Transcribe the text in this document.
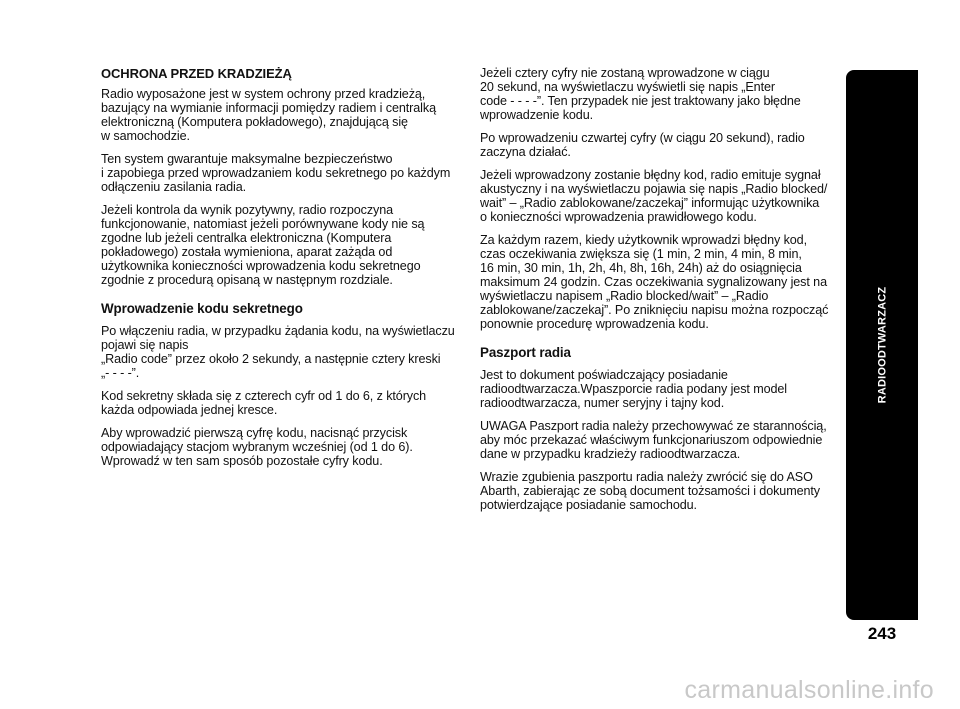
OCHRONA PRZED KRADZIEŻĄ

Radio wyposażone jest w system ochrony przed kradzieżą,
bazujący na wymianie informacji pomiędzy radiem i centralką
elektroniczną (Komputera pokładowego), znajdującą się
w samochodzie.

Ten system gwarantuje maksymalne bezpieczeństwo
i zapobiega przed wprowadzaniem kodu sekretnego po każdym
odłączeniu zasilania radia.

Jeżeli kontrola da wynik pozytywny, radio rozpoczyna
funkcjonowanie, natomiast jeżeli porównywane kody nie są
zgodne lub jeżeli centralka elektroniczna (Komputera
pokładowego) została wymieniona, aparat zażąda od
użytkownika konieczności wprowadzenia kodu sekretnego
zgodnie z procedurą opisaną w następnym rozdziale.

Wprowadzenie kodu sekretnego

Po włączeniu radia, w przypadku żądania kodu, na wyświetlaczu
pojawi się napis
„Radio code” przez około 2 sekundy, a następnie cztery kreski
„- - - -”.

Kod sekretny składa się z czterech cyfr od 1 do 6, z których
każda odpowiada jednej kresce.

Aby wprowadzić pierwszą cyfrę kodu, nacisnąć przycisk
odpowiadający stacjom wybranym wcześniej (od 1 do 6).
Wprowadź w ten sam sposób pozostałe cyfry kodu.

Jeżeli cztery cyfry nie zostaną wprowadzone w ciągu
20 sekund, na wyświetlaczu wyświetli się napis „Enter
code - - - -”. Ten przypadek nie jest traktowany jako błędne
wprowadzenie kodu.

Po wprowadzeniu czwartej cyfry (w ciągu 20 sekund), radio
zaczyna działać.

Jeżeli wprowadzony zostanie błędny kod, radio emituje sygnał
akustyczny i na wyświetlaczu pojawia się napis „Radio blocked/
wait” – „Radio zablokowane/zaczekaj” informując użytkownika
o konieczności wprowadzenia prawidłowego kodu.

Za każdym razem, kiedy użytkownik wprowadzi błędny kod,
czas oczekiwania zwiększa się (1 min, 2 min, 4 min, 8 min,
16 min, 30 min, 1h, 2h, 4h, 8h, 16h, 24h) aż do osiągnięcia
maksimum 24 godzin. Czas oczekiwania sygnalizowany jest na
wyświetlaczu napisem „Radio blocked/wait” – „Radio
zablokowane/zaczekaj”. Po zniknięciu napisu można rozpocząć
ponownie procedurę wprowadzenia kodu.

Paszport radia

Jest to dokument poświadczający posiadanie
radioodtwarzacza.Wpaszporcie radia podany jest model
radioodtwarzacza, numer seryjny i tajny kod.

UWAGA Paszport radia należy przechowywać ze starannością,
aby móc przekazać właściwym funkcjonariuszom odpowiednie
dane w przypadku kradzieży radioodtwarzacza.

Wrazie zgubienia paszportu radia należy zwrócić się do ASO
Abarth, zabierając ze sobą document tożsamości i dokumenty
potwierdzające posiadanie samochodu.

RADIOODTWARZACZ
243
carmanualsonline.info
